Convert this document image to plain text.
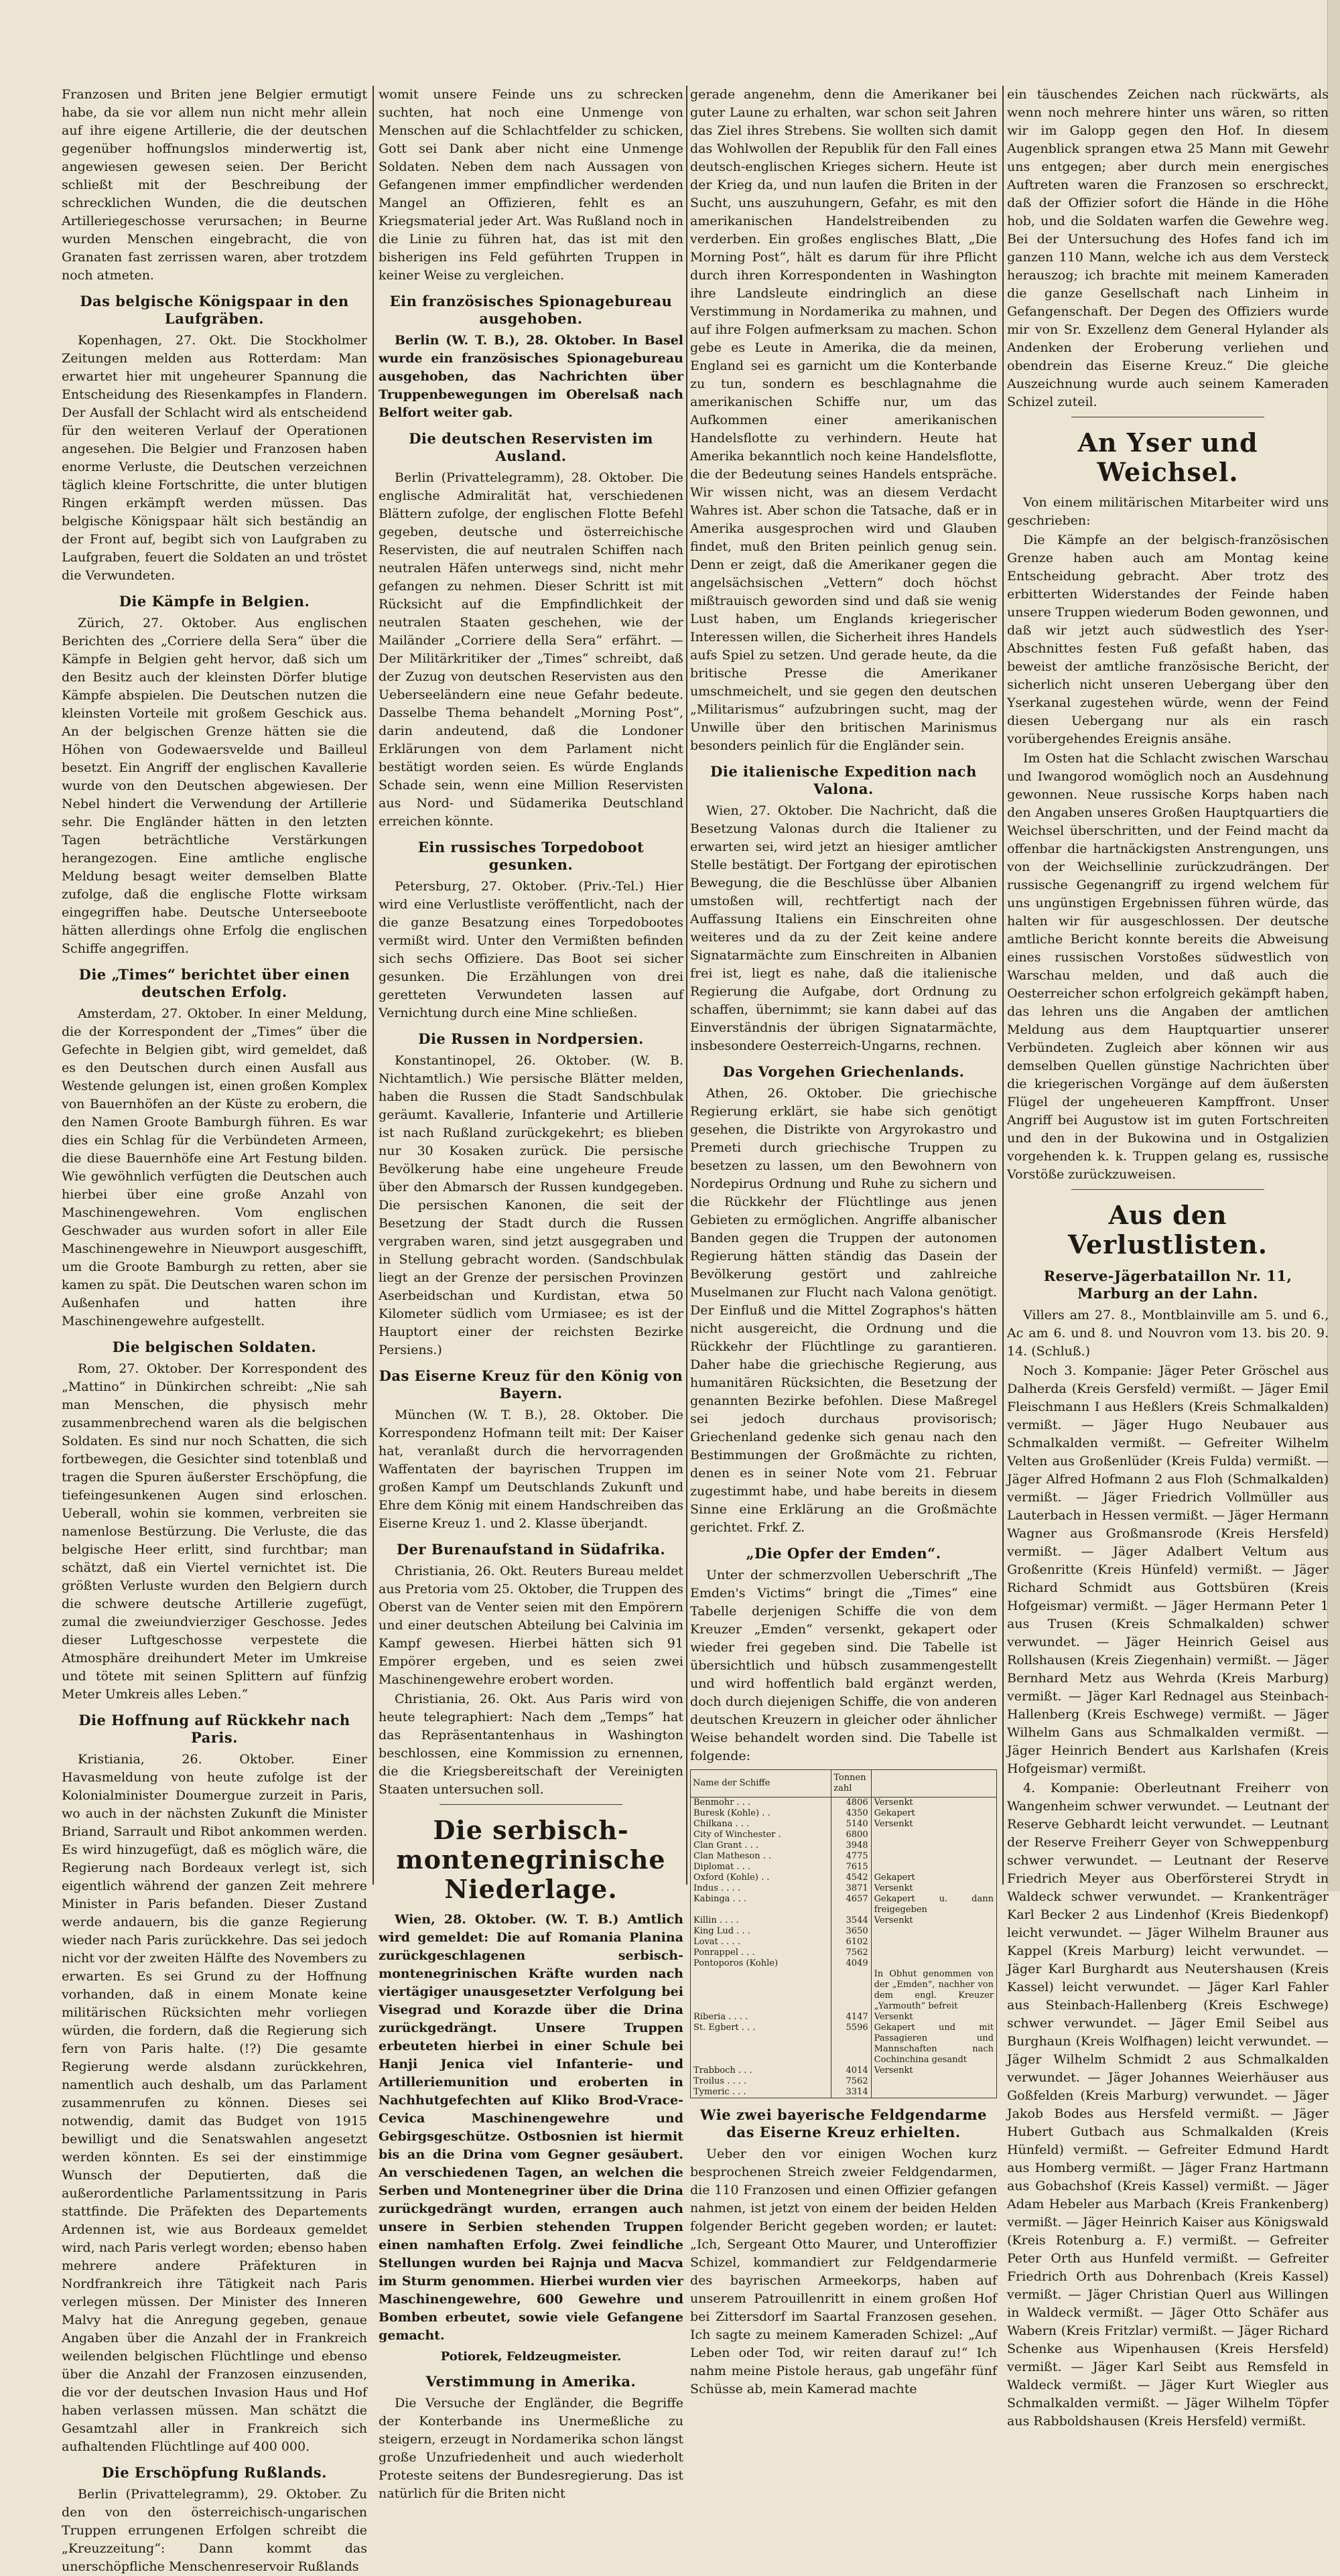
Franzosen und Briten jene Belgier ermutigt habe, da sie vor allem nun nicht mehr allein auf ihre eigene Artillerie, die der deutschen gegenüber hoffnungslos minderwertig ist, angewiesen gewesen seien. Der Bericht schließt mit der Beschreibung der schrecklichen Wunden, die die deutschen Artilleriegeschosse verursachen; in Beurne wurden Menschen eingebracht, die von Granaten fast zerrissen waren, aber trotzdem noch atmeten.

Das belgische Königspaar in den Laufgräben.

Kopenhagen, 27. Okt. Die Stockholmer Zeitungen melden aus Rotterdam: Man erwartet hier mit ungeheurer Spannung die Entscheidung des Riesenkampfes in Flandern. Der Ausfall der Schlacht wird als entscheidend für den weiteren Verlauf der Operationen angesehen. Die Belgier und Franzosen haben enorme Verluste, die Deutschen verzeichnen täglich kleine Fortschritte, die unter blutigen Ringen erkämpft werden müssen. Das belgische Königspaar hält sich beständig an der Front auf, begibt sich von Laufgraben zu Laufgraben, feuert die Soldaten an und tröstet die Verwundeten.

Die Kämpfe in Belgien.

Zürich, 27. Oktober. Aus englischen Berichten des „Corriere della Sera“ über die Kämpfe in Belgien geht hervor, daß sich um den Besitz auch der kleinsten Dörfer blutige Kämpfe abspielen. Die Deutschen nutzen die kleinsten Vorteile mit großem Geschick aus. An der belgischen Grenze hätten sie die Höhen von Godewaersvelde und Bailleul besetzt. Ein Angriff der englischen Kavallerie wurde von den Deutschen abgewiesen. Der Nebel hindert die Verwendung der Artillerie sehr. Die Engländer hätten in den letzten Tagen beträchtliche Verstärkungen herangezogen. Eine amtliche englische Meldung besagt weiter demselben Blatte zufolge, daß die englische Flotte wirksam eingegriffen habe. Deutsche Unterseeboote hätten allerdings ohne Erfolg die englischen Schiffe angegriffen.

Die „Times“ berichtet über einen deutschen Erfolg.

Amsterdam, 27. Oktober. In einer Meldung, die der Korrespondent der „Times“ über die Gefechte in Belgien gibt, wird gemeldet, daß es den Deutschen durch einen Ausfall aus Westende gelungen ist, einen großen Komplex von Bauernhöfen an der Küste zu erobern, die den Namen Groote Bamburgh führen. Es war dies ein Schlag für die Verbündeten Armeen, die diese Bauernhöfe eine Art Festung bilden. Wie gewöhnlich verfügten die Deutschen auch hierbei über eine große Anzahl von Maschinengewehren. Vom englischen Geschwader aus wurden sofort in aller Eile Maschinengewehre in Nieuwport ausgeschifft, um die Groote Bamburgh zu retten, aber sie kamen zu spät. Die Deutschen waren schon im Außenhafen und hatten ihre Maschinengewehre aufgestellt.

Die belgischen Soldaten.

Rom, 27. Oktober. Der Korrespondent des „Mattino“ in Dünkirchen schreibt: „Nie sah man Menschen, die physisch mehr zusammenbrechend waren als die belgischen Soldaten. Es sind nur noch Schatten, die sich fortbewegen, die Gesichter sind totenblaß und tragen die Spuren äußerster Erschöpfung, die tiefeingesunkenen Augen sind erloschen. Ueberall, wohin sie kommen, verbreiten sie namenlose Bestürzung. Die Verluste, die das belgische Heer erlitt, sind furchtbar; man schätzt, daß ein Viertel vernichtet ist. Die größten Verluste wurden den Belgiern durch die schwere deutsche Artillerie zugefügt, zumal die zweiundvierziger Geschosse. Jedes dieser Luftgeschosse verpestete die Atmosphäre dreihundert Meter im Umkreise und tötete mit seinen Splittern auf fünfzig Meter Umkreis alles Leben.“

Die Hoffnung auf Rückkehr nach Paris.

Kristiania, 26. Oktober. Einer Havasmeldung von heute zufolge ist der Kolonialminister Doumergue zurzeit in Paris, wo auch in der nächsten Zukunft die Minister Briand, Sarrault und Ribot ankommen werden. Es wird hinzugefügt, daß es möglich wäre, die Regierung nach Bordeaux verlegt ist, sich eigentlich während der ganzen Zeit mehrere Minister in Paris befanden. Dieser Zustand werde andauern, bis die ganze Regierung wieder nach Paris zurückkehre. Das sei jedoch nicht vor der zweiten Hälfte des Novembers zu erwarten. Es sei Grund zu der Hoffnung vorhanden, daß in einem Monate keine militärischen Rücksichten mehr vorliegen würden, die fordern, daß die Regierung sich fern von Paris halte. (!?) Die gesamte Regierung werde alsdann zurückkehren, namentlich auch deshalb, um das Parlament zusammenrufen zu können. Dieses sei notwendig, damit das Budget von 1915 bewilligt und die Senatswahlen angesetzt werden könnten. Es sei der einstimmige Wunsch der Deputierten, daß die außerordentliche Parlamentssitzung in Paris stattfinde. Die Präfekten des Departements Ardennen ist, wie aus Bordeaux gemeldet wird, nach Paris verlegt worden; ebenso haben mehrere andere Präfekturen in Nordfrankreich ihre Tätigkeit nach Paris verlegen müssen. Der Minister des Inneren Malvy hat die Anregung gegeben, genaue Angaben über die Anzahl der in Frankreich weilenden belgischen Flüchtlinge und ebenso über die Anzahl der Franzosen einzusenden, die vor der deutschen Invasion Haus und Hof haben verlassen müssen. Man schätzt die Gesamtzahl aller in Frankreich sich aufhaltenden Flüchtlinge auf 400 000.

Die Erschöpfung Rußlands.

Berlin (Privattelegramm), 29. Oktober. Zu den von den österreichisch-ungarischen Truppen errungenen Erfolgen schreibt die „Kreuzzeitung“: Dann kommt das unerschöpfliche Menschenreservoir Rußlands

womit unsere Feinde uns zu schrecken suchten, hat noch eine Unmenge von Menschen auf die Schlachtfelder zu schicken, Gott sei Dank aber nicht eine Unmenge Soldaten. Neben dem nach Aussagen von Gefangenen immer empfindlicher werdenden Mangel an Offizieren, fehlt es an Kriegsmaterial jeder Art. Was Rußland noch in die Linie zu führen hat, das ist mit den bisherigen ins Feld geführten Truppen in keiner Weise zu vergleichen.

Ein französisches Spionagebureau ausgehoben.

Berlin (W. T. B.), 28. Oktober. In Basel wurde ein französisches Spionagebureau ausgehoben, das Nachrichten über Truppenbewegungen im Oberelsaß nach Belfort weiter gab.

Die deutschen Reservisten im Ausland.

Berlin (Privattelegramm), 28. Oktober. Die englische Admiralität hat, verschiedenen Blättern zufolge, der englischen Flotte Befehl gegeben, deutsche und österreichische Reservisten, die auf neutralen Schiffen nach neutralen Häfen unterwegs sind, nicht mehr gefangen zu nehmen. Dieser Schritt ist mit Rücksicht auf die Empfindlichkeit der neutralen Staaten geschehen, wie der Mailänder „Corriere della Sera“ erfährt. — Der Militärkritiker der „Times“ schreibt, daß der Zuzug von deutschen Reservisten aus den Ueberseeländern eine neue Gefahr bedeute. Dasselbe Thema behandelt „Morning Post“, darin andeutend, daß die Londoner Erklärungen von dem Parlament nicht bestätigt worden seien. Es würde Englands Schade sein, wenn eine Million Reservisten aus Nord- und Südamerika Deutschland erreichen könnte.

Ein russisches Torpedoboot gesunken.

Petersburg, 27. Oktober. (Priv.-Tel.) Hier wird eine Verlustliste veröffentlicht, nach der die ganze Besatzung eines Torpedobootes vermißt wird. Unter den Vermißten befinden sich sechs Offiziere. Das Boot sei sicher gesunken. Die Erzählungen von drei geretteten Verwundeten lassen auf Vernichtung durch eine Mine schließen.

Die Russen in Nordpersien.

Konstantinopel, 26. Oktober. (W. B. Nichtamtlich.) Wie persische Blätter melden, haben die Russen die Stadt Sandschbulak geräumt. Kavallerie, Infanterie und Artillerie ist nach Rußland zurückgekehrt; es blieben nur 30 Kosaken zurück. Die persische Bevölkerung habe eine ungeheure Freude über den Abmarsch der Russen kundgegeben. Die persischen Kanonen, die seit der Besetzung der Stadt durch die Russen vergraben waren, sind jetzt ausgegraben und in Stellung gebracht worden. (Sandschbulak liegt an der Grenze der persischen Provinzen Aserbeidschan und Kurdistan, etwa 50 Kilometer südlich vom Urmiasee; es ist der Hauptort einer der reichsten Bezirke Persiens.)

Das Eiserne Kreuz für den König von Bayern.

München (W. T. B.), 28. Oktober. Die Korrespondenz Hofmann teilt mit: Der Kaiser hat, veranlaßt durch die hervorragenden Waffentaten der bayrischen Truppen im großen Kampf um Deutschlands Zukunft und Ehre dem König mit einem Handschreiben das Eiserne Kreuz 1. und 2. Klasse überjandt.

Der Burenaufstand in Südafrika.

Christiania, 26. Okt. Reuters Bureau meldet aus Pretoria vom 25. Oktober, die Truppen des Oberst van de Venter seien mit den Empörern und einer deutschen Abteilung bei Calvinia im Kampf gewesen. Hierbei hätten sich 91 Empörer ergeben, und es seien zwei Maschinengewehre erobert worden.

Christiania, 26. Okt. Aus Paris wird von heute telegraphiert: Nach dem „Temps“ hat das Repräsentantenhaus in Washington beschlossen, eine Kommission zu ernennen, die die Kriegsbereitschaft der Vereinigten Staaten untersuchen soll.

Die serbisch-montenegrinische Niederlage.

Wien, 28. Oktober. (W. T. B.) Amtlich wird gemeldet: Die auf Romania Planina zurückgeschlagenen serbisch-montenegrinischen Kräfte wurden nach viertägiger unausgesetzter Verfolgung bei Visegrad und Korazde über die Drina zurückgedrängt. Unsere Truppen erbeuteten hierbei in einer Schule bei Hanji Jenica viel Infanterie- und Artilleriemunition und eroberten in Nachhutgefechten auf Kliko Brod-Vrace-Cevica Maschinengewehre und Gebirgsgeschütze. Ostbosnien ist hiermit bis an die Drina vom Gegner gesäubert. An verschiedenen Tagen, an welchen die Serben und Montenegriner über die Drina zurückgedrängt wurden, errangen auch unsere in Serbien stehenden Truppen einen namhaften Erfolg. Zwei feindliche Stellungen wurden bei Rajnja und Macva im Sturm genommen. Hierbei wurden vier Maschinengewehre, 600 Gewehre und Bomben erbeutet, sowie viele Gefangene gemacht.

Potiorek, Feldzeugmeister.
Verstimmung in Amerika.

Die Versuche der Engländer, die Begriffe der Konterbande ins Unermeßliche zu steigern, erzeugt in Nordamerika schon längst große Unzufriedenheit und auch wiederholt Proteste seitens der Bundesregierung. Das ist natürlich für die Briten nicht

gerade angenehm, denn die Amerikaner bei guter Laune zu erhalten, war schon seit Jahren das Ziel ihres Strebens. Sie wollten sich damit das Wohlwollen der Republik für den Fall eines deutsch-englischen Krieges sichern. Heute ist der Krieg da, und nun laufen die Briten in der Sucht, uns auszuhungern, Gefahr, es mit den amerikanischen Handelstreibenden zu verderben. Ein großes englisches Blatt, „Die Morning Post“, hält es darum für ihre Pflicht durch ihren Korrespondenten in Washington ihre Landsleute eindringlich an diese Verstimmung in Nordamerika zu mahnen, und auf ihre Folgen aufmerksam zu machen. Schon gebe es Leute in Amerika, die da meinen, England sei es garnicht um die Konterbande zu tun, sondern es beschlagnahme die amerikanischen Schiffe nur, um das Aufkommen einer amerikanischen Handelsflotte zu verhindern. Heute hat Amerika bekanntlich noch keine Handelsflotte, die der Bedeutung seines Handels entspräche. Wir wissen nicht, was an diesem Verdacht Wahres ist. Aber schon die Tatsache, daß er in Amerika ausgesprochen wird und Glauben findet, muß den Briten peinlich genug sein. Denn er zeigt, daß die Amerikaner gegen die angelsächsischen „Vettern“ doch höchst mißtrauisch geworden sind und daß sie wenig Lust haben, um Englands kriegerischer Interessen willen, die Sicherheit ihres Handels aufs Spiel zu setzen. Und gerade heute, da die britische Presse die Amerikaner umschmeichelt, und sie gegen den deutschen „Militarismus“ aufzubringen sucht, mag der Unwille über den britischen Marinismus besonders peinlich für die Engländer sein.

Die italienische Expedition nach Valona.

Wien, 27. Oktober. Die Nachricht, daß die Besetzung Valonas durch die Italiener zu erwarten sei, wird jetzt an hiesiger amtlicher Stelle bestätigt. Der Fortgang der epirotischen Bewegung, die die Beschlüsse über Albanien umstoßen will, rechtfertigt nach der Auffassung Italiens ein Einschreiten ohne weiteres und da zu der Zeit keine andere Signatarmächte zum Einschreiten in Albanien frei ist, liegt es nahe, daß die italienische Regierung die Aufgabe, dort Ordnung zu schaffen, übernimmt; sie kann dabei auf das Einverständnis der übrigen Signatarmächte, insbesondere Oesterreich-Ungarns, rechnen.

Das Vorgehen Griechenlands.

Athen, 26. Oktober. Die griechische Regierung erklärt, sie habe sich genötigt gesehen, die Distrikte von Argyrokastro und Premeti durch griechische Truppen zu besetzen zu lassen, um den Bewohnern von Nordepirus Ordnung und Ruhe zu sichern und die Rückkehr der Flüchtlinge aus jenen Gebieten zu ermöglichen. Angriffe albanischer Banden gegen die Truppen der autonomen Regierung hätten ständig das Dasein der Bevölkerung gestört und zahlreiche Muselmanen zur Flucht nach Valona genötigt. Der Einfluß und die Mittel Zographos's hätten nicht ausgereicht, die Ordnung und die Rückkehr der Flüchtlinge zu garantieren. Daher habe die griechische Regierung, aus humanitären Rücksichten, die Besetzung der genannten Bezirke befohlen. Diese Maßregel sei jedoch durchaus provisorisch; Griechenland gedenke sich genau nach den Bestimmungen der Großmächte zu richten, denen es in seiner Note vom 21. Februar zugestimmt habe, und habe bereits in diesem Sinne eine Erklärung an die Großmächte gerichtet. Frkf. Z.

„Die Opfer der Emden“.

Unter der schmerzvollen Ueberschrift „The Emden's Victims“ bringt die „Times“ eine Tabelle derjenigen Schiffe die von dem Kreuzer „Emden“ versenkt, gekapert oder wieder frei gegeben sind. Die Tabelle ist übersichtlich und hübsch zusammengestellt und wird hoffentlich bald ergänzt werden, doch durch diejenigen Schiffe, die von anderen deutschen Kreuzern in gleicher oder ähnlicher Weise behandelt worden sind. Die Tabelle ist folgende:

Name der Schiffe	Tonnen zahl	
Benmohr . . .	4806	Versenkt
Buresk (Kohle) . .	4350	Gekapert
Chilkana . . .	5140	Versenkt
City of Winchester .	6800	
Clan Grant . . .	3948	
Clan Matheson . .	4775	
Diplomat . . .	7615	
Oxford (Kohle) . .	4542	Gekapert
Indus . . . .	3871	Versenkt
Kabinga . . .	4657	Gekapert u. dann freigegeben
Killin . . . .	3544	Versenkt
King Lud . . .	3650	
Lovat . . . .	6102	
Ponrappel . . .	7562	
Pontoporos (Kohle)	4049	
		In Obhut genommen von der „Emden“, nachher von dem engl. Kreuzer „Yarmouth“ befreit
Riberia . . . .	4147	Versenkt
St. Egbert . . .	5596	Gekapert und mit Passagieren und Mannschaften nach Cochinchina gesandt
Trabboch . . .	4014	Versenkt
Troilus . . . .	7562	
Tymeric . . .	3314	
Wie zwei bayerische Feldgendarme das Eiserne Kreuz erhielten.

Ueber den vor einigen Wochen kurz besprochenen Streich zweier Feldgendarmen, die 110 Franzosen und einen Offizier gefangen nahmen, ist jetzt von einem der beiden Helden folgender Bericht gegeben worden; er lautet: „Ich, Sergeant Otto Maurer, und Unteroffizier Schizel, kommandiert zur Feldgendarmerie des bayrischen Armeekorps, haben auf unserem Patrouillenritt in einem großen Hof bei Zittersdorf im Saartal Franzosen gesehen. Ich sagte zu meinem Kameraden Schizel: „Auf Leben oder Tod, wir reiten darauf zu!“ Ich nahm meine Pistole heraus, gab ungefähr fünf Schüsse ab, mein Kamerad machte

ein täuschendes Zeichen nach rückwärts, als wenn noch mehrere hinter uns wären, so ritten wir im Galopp gegen den Hof. In diesem Augenblick sprangen etwa 25 Mann mit Gewehr uns entgegen; aber durch mein energisches Auftreten waren die Franzosen so erschreckt, daß der Offizier sofort die Hände in die Höhe hob, und die Soldaten warfen die Gewehre weg. Bei der Untersuchung des Hofes fand ich im ganzen 110 Mann, welche ich aus dem Versteck herauszog; ich brachte mit meinem Kameraden die ganze Gesellschaft nach Linheim in Gefangenschaft. Der Degen des Offiziers wurde mir von Sr. Exzellenz dem General Hylander als Andenken der Eroberung verliehen und obendrein das Eiserne Kreuz.“ Die gleiche Auszeichnung wurde auch seinem Kameraden Schizel zuteil.

An Yser und Weichsel.

Von einem militärischen Mitarbeiter wird uns geschrieben:

Die Kämpfe an der belgisch-französischen Grenze haben auch am Montag keine Entscheidung gebracht. Aber trotz des erbitterten Widerstandes der Feinde haben unsere Truppen wiederum Boden gewonnen, und daß wir jetzt auch südwestlich des Yser-Abschnittes festen Fuß gefaßt haben, das beweist der amtliche französische Bericht, der sicherlich nicht unseren Uebergang über den Yserkanal zugestehen würde, wenn der Feind diesen Uebergang nur als ein rasch vorübergehendes Ereignis ansähe.

Im Osten hat die Schlacht zwischen Warschau und Iwangorod womöglich noch an Ausdehnung gewonnen. Neue russische Korps haben nach den Angaben unseres Großen Hauptquartiers die Weichsel überschritten, und der Feind macht da offenbar die hartnäckigsten Anstrengungen, uns von der Weichsellinie zurückzudrängen. Der russische Gegenangriff zu irgend welchem für uns ungünstigen Ergebnissen führen würde, das halten wir für ausgeschlossen. Der deutsche amtliche Bericht konnte bereits die Abweisung eines russischen Vorstoßes südwestlich von Warschau melden, und daß auch die Oesterreicher schon erfolgreich gekämpft haben, das lehren uns die Angaben der amtlichen Meldung aus dem Hauptquartier unserer Verbündeten. Zugleich aber können wir aus demselben Quellen günstige Nachrichten über die kriegerischen Vorgänge auf dem äußersten Flügel der ungeheueren Kampffront. Unser Angriff bei Augustow ist im guten Fortschreiten und den in der Bukowina und in Ostgalizien vorgehenden k. k. Truppen gelang es, russische Vorstöße zurückzuweisen.

Aus den Verlustlisten.
Reserve-Jägerbataillon Nr. 11, Marburg an der Lahn.

Villers am 27. 8., Montblainville am 5. und 6., Ac am 6. und 8. und Nouvron vom 13. bis 20. 9. 14. (Schluß.)

Noch 3. Kompanie: Jäger Peter Gröschel aus Dalherda (Kreis Gersfeld) vermißt. — Jäger Emil Fleischmann I aus Heßlers (Kreis Schmalkalden) vermißt. — Jäger Hugo Neubauer aus Schmalkalden vermißt. — Gefreiter Wilhelm Velten aus Großenlüder (Kreis Fulda) vermißt. — Jäger Alfred Hofmann 2 aus Floh (Schmalkalden) vermißt. — Jäger Friedrich Vollmüller aus Lauterbach in Hessen vermißt. — Jäger Hermann Wagner aus Großmansrode (Kreis Hersfeld) vermißt. — Jäger Adalbert Veltum aus Großenritte (Kreis Hünfeld) vermißt. — Jäger Richard Schmidt aus Gottsbüren (Kreis Hofgeismar) vermißt. — Jäger Hermann Peter 1 aus Trusen (Kreis Schmalkalden) schwer verwundet. — Jäger Heinrich Geisel aus Rollshausen (Kreis Ziegenhain) vermißt. — Jäger Bernhard Metz aus Wehrda (Kreis Marburg) vermißt. — Jäger Karl Rednagel aus Steinbach-Hallenberg (Kreis Eschwege) vermißt. — Jäger Wilhelm Gans aus Schmalkalden vermißt. — Jäger Heinrich Bendert aus Karlshafen (Kreis Hofgeismar) vermißt.

4. Kompanie: Oberleutnant Freiherr von Wangenheim schwer verwundet. — Leutnant der Reserve Gebhardt leicht verwundet. — Leutnant der Reserve Freiherr Geyer von Schweppenburg schwer verwundet. — Leutnant der Reserve Friedrich Meyer aus Oberförsterei Strydt in Waldeck schwer verwundet. — Krankenträger Karl Becker 2 aus Lindenhof (Kreis Biedenkopf) leicht verwundet. — Jäger Wilhelm Brauner aus Kappel (Kreis Marburg) leicht verwundet. — Jäger Karl Burghardt aus Neutershausen (Kreis Kassel) leicht verwundet. — Jäger Karl Fahler aus Steinbach-Hallenberg (Kreis Eschwege) schwer verwundet. — Jäger Emil Seibel aus Burghaun (Kreis Wolfhagen) leicht verwundet. — Jäger Wilhelm Schmidt 2 aus Schmalkalden verwundet. — Jäger Johannes Weierhäuser aus Goßfelden (Kreis Marburg) verwundet. — Jäger Jakob Bodes aus Hersfeld vermißt. — Jäger Hubert Gutbach aus Schmalkalden (Kreis Hünfeld) vermißt. — Gefreiter Edmund Hardt aus Homberg vermißt. — Jäger Franz Hartmann aus Gobachshof (Kreis Kassel) vermißt. — Jäger Adam Hebeler aus Marbach (Kreis Frankenberg) vermißt. — Jäger Heinrich Kaiser aus Königswald (Kreis Rotenburg a. F.) vermißt. — Gefreiter Peter Orth aus Hunfeld vermißt. — Gefreiter Friedrich Orth aus Dohrenbach (Kreis Kassel) vermißt. — Jäger Christian Querl aus Willingen in Waldeck vermißt. — Jäger Otto Schäfer aus Wabern (Kreis Fritzlar) vermißt. — Jäger Richard Schenke aus Wipenhausen (Kreis Hersfeld) vermißt. — Jäger Karl Seibt aus Remsfeld in Waldeck vermißt. — Jäger Kurt Wiegler aus Schmalkalden vermißt. — Jäger Wilhelm Töpfer aus Rabboldshausen (Kreis Hersfeld) vermißt.
